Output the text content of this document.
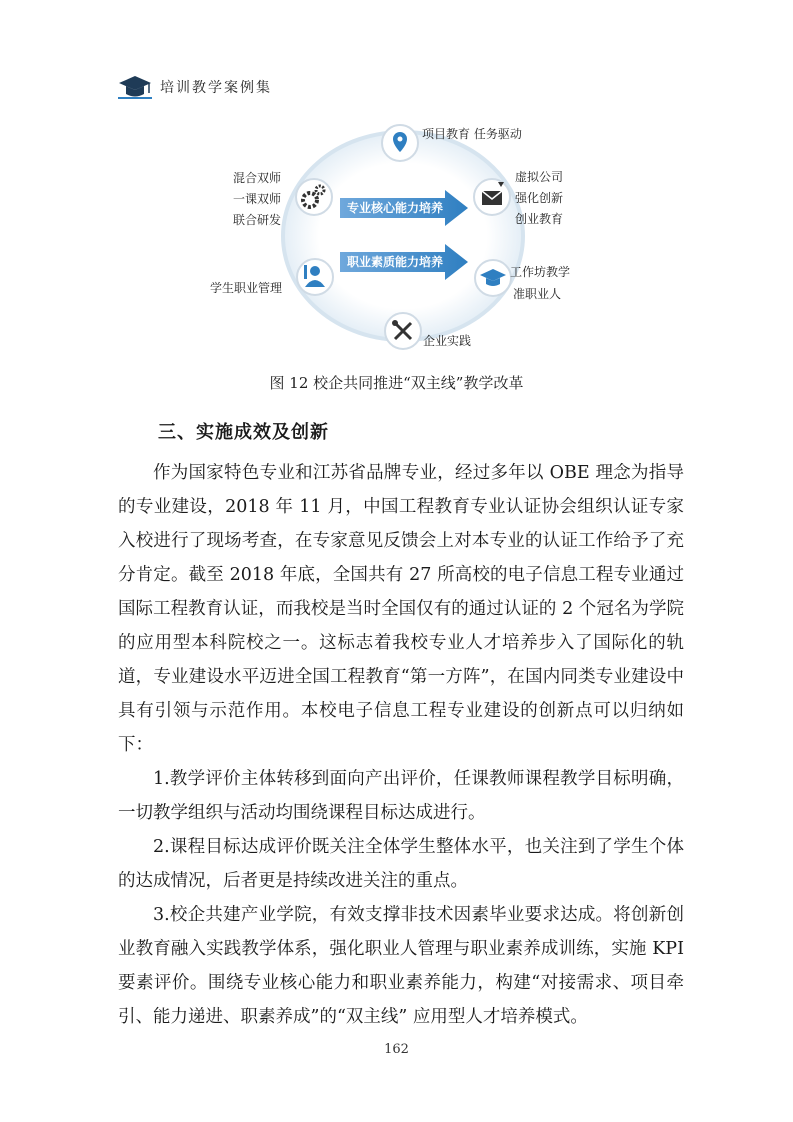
培训教学案例集
专业核心能力培养
职业素质能力培养
项目教育 任务驱动
混合双师
一课双师
联合研发
虚拟公司
强化创新
创业教育
学生职业管理
工作坊教学
准职业人
企业实践
图 12 校企共同推进“双主线”教学改革
三、实施成效及创新

作为国家特色专业和江苏省品牌专业，经过多年以 OBE 理念为指导的专业建设，2018 年 11 月，中国工程教育专业认证协会组织认证专家入校进行了现场考查，在专家意见反馈会上对本专业的认证工作给予了充分肯定。截至 2018 年底，全国共有 27 所高校的电子信息工程专业通过国际工程教育认证，而我校是当时全国仅有的通过认证的 2 个冠名为学院的应用型本科院校之一。这标志着我校专业人才培养步入了国际化的轨道，专业建设水平迈进全国工程教育“第一方阵”，在国内同类专业建设中具有引领与示范作用。本校电子信息工程专业建设的创新点可以归纳如下：

1.教学评价主体转移到面向产出评价，任课教师课程教学目标明确，一切教学组织与活动均围绕课程目标达成进行。

2.课程目标达成评价既关注全体学生整体水平，也关注到了学生个体的达成情况，后者更是持续改进关注的重点。

3.校企共建产业学院，有效支撑非技术因素毕业要求达成。将创新创业教育融入实践教学体系，强化职业人管理与职业素养成训练，实施 KPI 要素评价。围绕专业核心能力和职业素养能力，构建“对接需求、项目牵引、能力递进、职素养成”的“双主线” 应用型人才培养模式。

162
